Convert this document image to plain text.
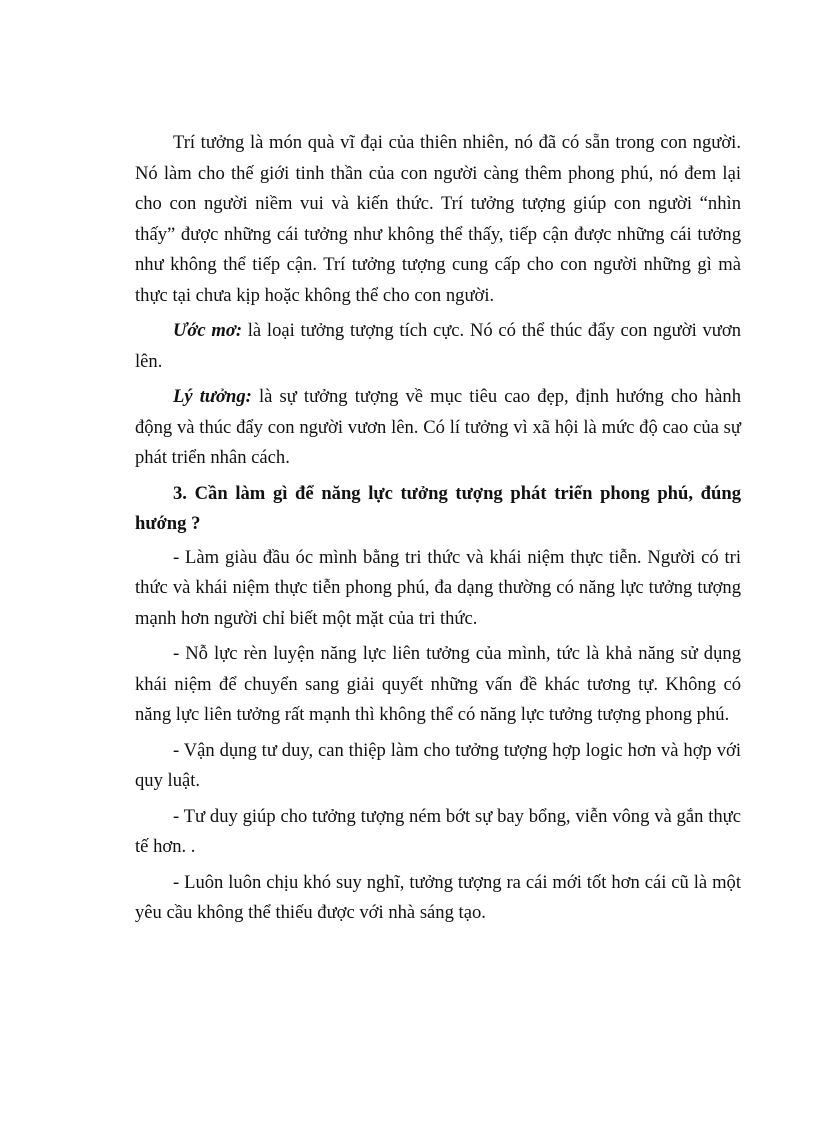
Trí tưởng là món quà vĩ đại của thiên nhiên, nó đã có sẵn trong con người. Nó làm cho thế giới tinh thần của con người càng thêm phong phú, nó đem lại cho con người niềm vui và kiến thức. Trí tưởng tượng giúp con người “nhìn thấy” được những cái tưởng như không thể thấy, tiếp cận được những cái tưởng như không thể tiếp cận. Trí tưởng tượng cung cấp cho con người những gì mà thực tại chưa kịp hoặc không thể cho con người.

Ước mơ: là loại tưởng tượng tích cực. Nó có thể thúc đẩy con người vươn lên.

Lý tưởng: là sự tưởng tượng về mục tiêu cao đẹp, định hướng cho hành động và thúc đẩy con người vươn lên. Có lí tưởng vì xã hội là mức độ cao của sự phát triển nhân cách.

3. Cần làm gì để năng lực tưởng tượng phát triển phong phú, đúng hướng ?

- Làm giàu đầu óc mình bằng tri thức và khái niệm thực tiễn. Người có tri thức và khái niệm thực tiễn phong phú, đa dạng thường có năng lực tưởng tượng mạnh hơn người chỉ biết một mặt của tri thức.

- Nỗ lực rèn luyện năng lực liên tưởng của mình, tức là khả năng sử dụng khái niệm để chuyển sang giải quyết những vấn đề khác tương tự. Không có năng lực liên tưởng rất mạnh thì không thể có năng lực tưởng tượng phong phú.

- Vận dụng tư duy, can thiệp làm cho tưởng tượng hợp logic hơn và hợp với quy luật.

- Tư duy giúp cho tưởng tượng ném bớt sự bay bổng, viễn vông và gắn thực tế hơn. .

- Luôn luôn chịu khó suy nghĩ, tưởng tượng ra cái mới tốt hơn cái cũ là một yêu cầu không thể thiếu được với nhà sáng tạo.
